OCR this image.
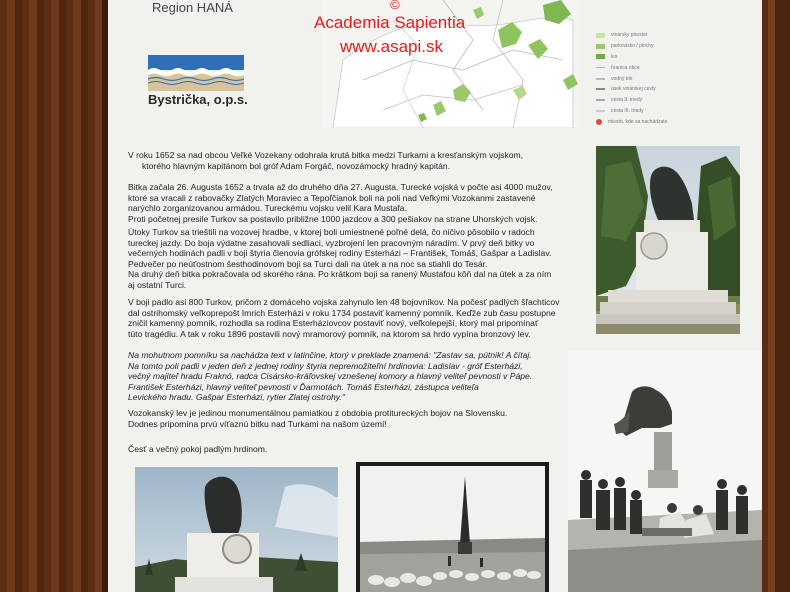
Region HANÁ
vinársky priestor
parkovisko / plochy
les
hranica obce
vodný tok
úsek vinárskej cesty
cesta II. triedy
cesta III. triedy
miesto, kde sa nachádzate
©
Academia Sapientia
www.asapi.sk
Bystrička, o.p.s.
V roku 1652 sa nad obcou Veľké Vozekany odohrala krutá bitka medzi Turkami a kresťanským vojskom,
ktorého hlavným kapitánom bol gróf Adam Forgáč, novozámocký hradný kapitán.
Bitka začala 26. Augusta 1652 a trvala až do druhého dňa 27. Augusta. Turecké vojská v počte asi 4000 mužov,
ktoré sa vracali z rabovačky Zlatých Moraviec a Tepoľčianok boli na poli nad Veľkými Vozokanmi zastavené
narýchlo zorganizovanou armádou. Tureckému vojsku velil Kara Mustafa.
Proti početnej presile Turkov sa postavilo približne 1000 jazdcov a 300 pešiakov na strane Uhorských vojsk.
Útoky Turkov sa trieštili na vozovej hradbe, v ktorej boli umiestnené poľné delá, čo ničivo pôsobilo v radoch
tureckej jazdy. Do boja výdatne zasahovali sedliaci, vyzbrojení len pracovným náradím. V prvý deň bitky vo
večerných hodinách padli v boji štyria členovia grófskej rodiny Esterházi – František, Tomáš, Gašpar a Ladislav.
Pedvečer po neúťostnom šesthodinovom boji sa Turci dali na útek a na noc sa stiahli do Tesár.
Na druhý deň bitka pokračovala od skorého rána. Po krátkom boji sa ranený Mustafou kôň dal na útek a za ním
aj ostatní Turci.
V boji padlo asi 800 Turkov, pričom z domáceho vojska zahynulo len 48 bojovníkov. Na počesť padlých šľachticov
dal ostrihomský veľkoprepošt Imrich Esterházi v roku 1734 postaviť kamenný pomník. Keďže zub času postupne
zničil kamenný pomník, rozhodla sa rodina Esterháziovcov postaviť nový, veľkolepejší, ktorý mal pripomínať
túto tragédiu. A tak v roku 1896 postavili nový mramorový pomník, na ktorom sa hrdo vypína bronzový lev.
Na mohutnom pomníku sa nachádza text v latinčine, ktorý v preklade znamená: "Zastav sa, pútnik! A čítaj.
Na tomto poli padli v jeden deň z jednej rodiny štyria nepremožiteľní hrdinovia: Ladislav - gróf Esterházi,
večný majiteľ hradu Fraknó, radca Cisársko-kráľovskej vznešenej komory a hlavný veliteľ pevnosti v Pápe.
František Esterházi, hlavný veliteľ pevnosti v Ďarmotách. Tomáš Esterházi, zástupca veliteľa
Levického hradu. Gašpar Esterházi, rytier Zlatej ostrohy."
Vozokanský lev je jedinou monumentálnou pamiatkou z obdobia protitureckých bojov na Slovensku.
Dodnes pripomína prvú víťaznú bitku nad Turkami na našom území!
Česť a večný pokoj padlým hrdinom.
